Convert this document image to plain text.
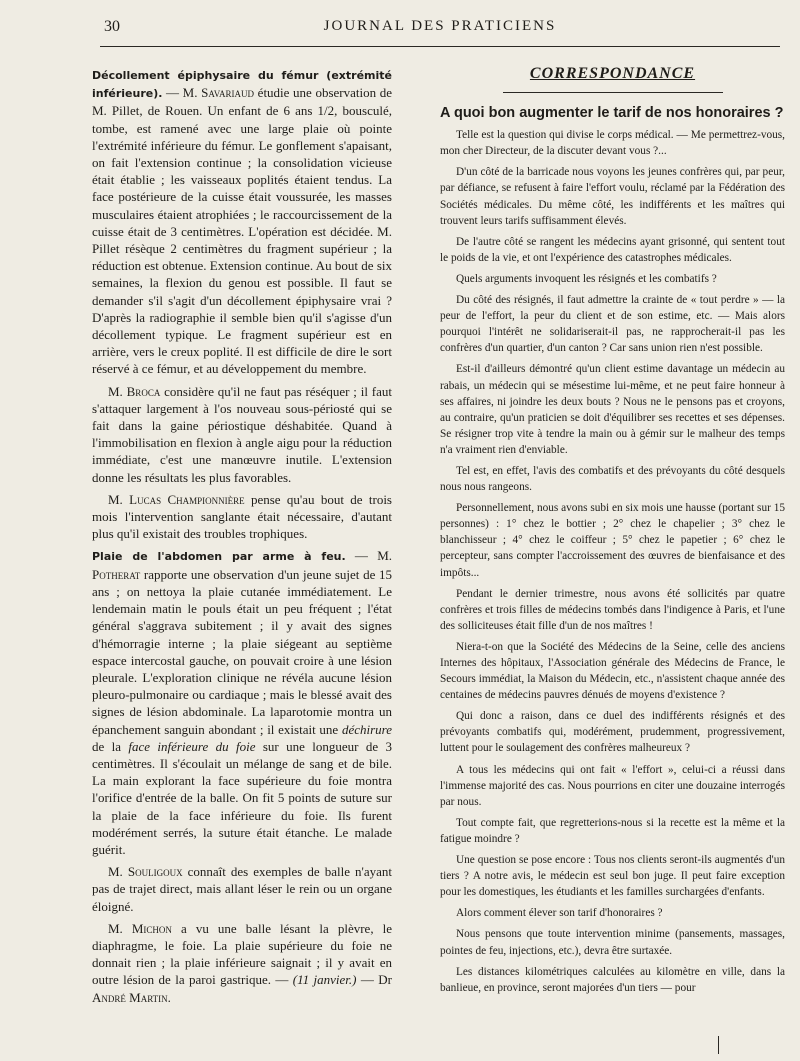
30	JOURNAL DES PRATICIENS

Décollement épiphysaire du fémur (extrémité inférieure). — M. Savariaud étudie une observation de M. Pillet, de Rouen. Un enfant de 6 ans 1/2, bousculé, tombe, est ramené avec une large plaie où pointe l'extrémité inférieure du fémur. Le gonflement s'apaisant, on fait l'extension continue ; la consolidation vicieuse était établie ; les vaisseaux poplités étaient tendus. La face postérieure de la cuisse était voussurée, les masses musculaires étaient atrophiées ; le raccourcissement de la cuisse était de 3 centimètres. L'opération est décidée. M. Pillet résèque 2 centimètres du fragment supérieur ; la réduction est obtenue. Extension continue. Au bout de six semaines, la flexion du genou est possible. Il faut se demander s'il s'agit d'un décollement épiphysaire vrai ? D'après la radiographie il semble bien qu'il s'agisse d'un décollement typique. Le fragment supérieur est en arrière, vers le creux poplité. Il est difficile de dire le sort réservé à ce fémur, et au développement du membre.

M. Broca considère qu'il ne faut pas réséquer ; il faut s'attaquer largement à l'os nouveau sous-périosté qui se fait dans la gaine périostique déshabitée. Quand à l'immobilisation en flexion à angle aigu pour la réduction immédiate, c'est une manœuvre inutile. L'extension donne les résultats les plus favorables.

M. Lucas Championnière pense qu'au bout de trois mois l'intervention sanglante était nécessaire, d'autant plus qu'il existait des troubles trophiques.

Plaie de l'abdomen par arme à feu. — M. Potherat rapporte une observation d'un jeune sujet de 15 ans ; on nettoya la plaie cutanée immédiatement. Le lendemain matin le pouls était un peu fréquent ; l'état général s'aggrava subitement ; il y avait des signes d'hémorragie interne ; la plaie siégeant au septième espace intercostal gauche, on pouvait croire à une lésion pleurale. L'exploration clinique ne révéla aucune lésion pleuro-pulmonaire ou cardiaque ; mais le blessé avait des signes de lésion abdominale. La laparotomie montra un épanchement sanguin abondant ; il existait une déchirure de la face inférieure du foie sur une longueur de 3 centimètres. Il s'écoulait un mélange de sang et de bile. La main explorant la face supérieure du foie montra l'orifice d'entrée de la balle. On fit 5 points de suture sur la plaie de la face inférieure du foie. Ils furent modérément serrés, la suture était étanche. Le malade guérit.

M. Souligoux connaît des exemples de balle n'ayant pas de trajet direct, mais allant léser le rein ou un organe éloigné.

M. Michon a vu une balle lésant la plèvre, le diaphragme, le foie. La plaie supérieure du foie ne donnait rien ; la plaie inférieure saignait ; il y avait en outre lésion de la paroi gastrique. — (11 janvier.) — Dr André Martin.

CORRESPONDANCE
A quoi bon augmenter le tarif de nos honoraires ?

Telle est la question qui divise le corps médical. — Me permettrez-vous, mon cher Directeur, de la discuter devant vous ?...

D'un côté de la barricade nous voyons les jeunes confrères qui, par peur, par défiance, se refusent à faire l'effort voulu, réclamé par la Fédération des Sociétés médicales. Du même côté, les indifférents et les maîtres qui trouvent leurs tarifs suffisamment élevés.

De l'autre côté se rangent les médecins ayant grisonné, qui sentent tout le poids de la vie, et ont l'expérience des catastrophes médicales.

Quels arguments invoquent les résignés et les combatifs ?

Du côté des résignés, il faut admettre la crainte de « tout perdre » — la peur de l'effort, la peur du client et de son estime, etc. — Mais alors pourquoi l'intérêt ne solidariserait-il pas, ne rapprocherait-il pas les confrères d'un quartier, d'un canton ? Car sans union rien n'est possible.

Est-il d'ailleurs démontré qu'un client estime davantage un médecin au rabais, un médecin qui se mésestime lui-même, et ne peut faire honneur à ses affaires, ni joindre les deux bouts ? Nous ne le pensons pas et croyons, au contraire, qu'un praticien se doit d'équilibrer ses recettes et ses dépenses. Se résigner trop vite à tendre la main ou à gémir sur le malheur des temps n'a vraiment rien d'enviable.

Tel est, en effet, l'avis des combatifs et des prévoyants du côté desquels nous nous rangeons.

Personnellement, nous avons subi en six mois une hausse (portant sur 15 personnes) : 1° chez le bottier ; 2° chez le chapelier ; 3° chez le blanchisseur ; 4° chez le coiffeur ; 5° chez le papetier ; 6° chez le percepteur, sans compter l'accroissement des œuvres de bienfaisance et des impôts...

Pendant le dernier trimestre, nous avons été sollicités par quatre confrères et trois filles de médecins tombés dans l'indigence à Paris, et l'une des solliciteuses était fille d'un de nos maîtres !

Niera-t-on que la Société des Médecins de la Seine, celle des anciens Internes des hôpitaux, l'Association générale des Médecins de France, le Secours immédiat, la Maison du Médecin, etc., n'assistent chaque année des centaines de médecins pauvres dénués de moyens d'existence ?

Qui donc a raison, dans ce duel des indifférents résignés et des prévoyants combatifs qui, modérément, prudemment, progressivement, luttent pour le soulagement des confrères malheureux ?

A tous les médecins qui ont fait « l'effort », celui-ci a réussi dans l'immense majorité des cas. Nous pourrions en citer une douzaine interrogés par nous.

Tout compte fait, que regretterions-nous si la recette est la même et la fatigue moindre ?

Une question se pose encore : Tous nos clients seront-ils augmentés d'un tiers ? A notre avis, le médecin est seul bon juge. Il peut faire exception pour les domestiques, les étudiants et les familles surchargées d'enfants.

Alors comment élever son tarif d'honoraires ?

Nous pensons que toute intervention minime (pansements, massages, pointes de feu, injections, etc.), devra être surtaxée.

Les distances kilométriques calculées au kilomètre en ville, dans la banlieue, en province, seront majorées d'un tiers — pour
